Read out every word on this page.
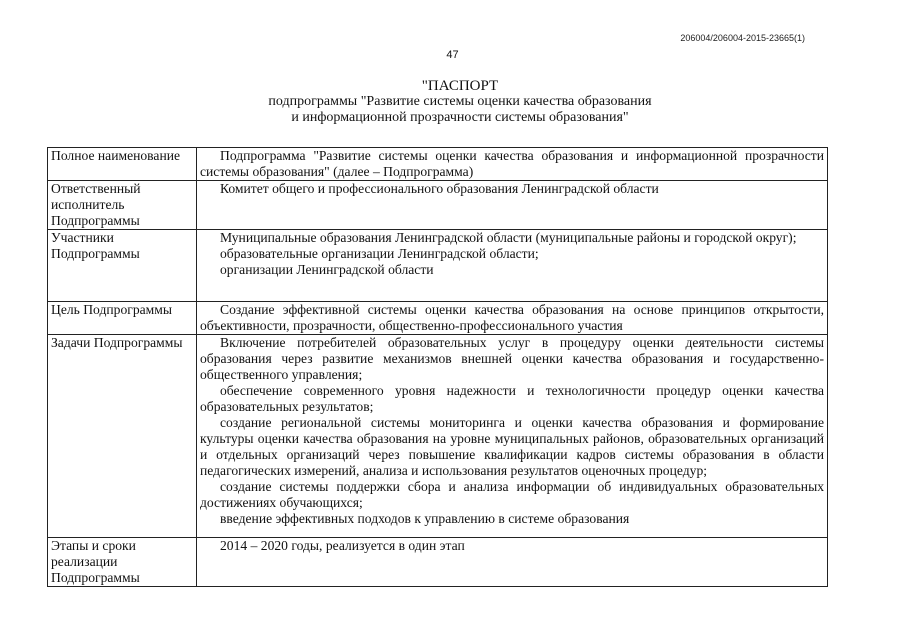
206004/206004-2015-23665(1)
47
"ПАСПОРТ
подпрограммы "Развитие системы оценки качества образования
и информационной прозрачности системы образования"
Полное наименование	Подпрограмма "Развитие системы оценки качества образования и информационной прозрачности системы образования" (далее – Подпрограмма)

Ответственный исполнитель Подпрограммы	Комитет общего и профессионального образования Ленинградской области

Участники Подпрограммы	Муниципальные образования Ленинградской области (муниципальные районы и городской округ);
образовательные организации Ленинградской области;
организации Ленинградской области

Цель Подпрограммы	Создание эффективной системы оценки качества образования на основе принципов открытости, объективности, прозрачности, общественно-профессионального участия

Задачи Подпрограммы	Включение потребителей образовательных услуг в процедуру оценки деятельности системы образования через развитие механизмов внешней оценки качества образования и государственно-общественного управления;
обеспечение современного уровня надежности и технологичности процедур оценки качества образовательных результатов;
создание региональной системы мониторинга и оценки качества образования и формирование культуры оценки качества образования на уровне муниципальных районов, образовательных организаций и отдельных организаций через повышение квалификации кадров системы образования в области педагогических измерений, анализа и использования результатов оценочных процедур;
создание системы поддержки сбора и анализа информации об индивидуальных образовательных достижениях обучающихся;
введение эффективных подходов к управлению в системе образования

Этапы и сроки реализации Подпрограммы	2014 – 2020 годы, реализуется в один этап
